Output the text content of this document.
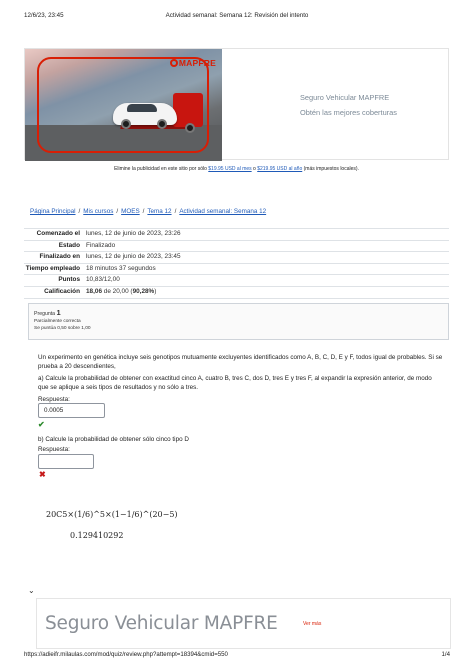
12/6/23, 23:45	Actividad semanal: Semana 12: Revisión del intento
MAPFRE
Seguro Vehicular MAPFRE
Obtén las mejores coberturas
Elimine la publicidad en este sitio por sólo $19.95 USD al mes o $219.95 USD al año (más impuestos locales).
Página Principal / Mis cursos / MOES / Tema 12 / Actividad semanal: Semana 12
Comenzado el lunes, 12 de junio de 2023, 23:26
Estado Finalizado
Finalizado en lunes, 12 de junio de 2023, 23:45
Tiempo empleado 18 minutos 37 segundos
Puntos 10,83/12,00
Calificación 18,06 de 20,00 (90,28%)
Pregunta 1
Parcialmente correcta
Se puntúa 0,50 sobre 1,00
Un experimento en genética incluye seis genotipos mutuamente excluyentes identificados como A, B, C, D, E y F, todos igual de probables. Si se prueba a 20 descendientes,
a) Calcule la probabilidad de obtener con exactitud cinco A, cuatro B, tres C, dos D, tres E y tres F, al expandir la expresión anterior, de modo que se aplique a seis tipos de resultados y no sólo a tres.
Respuesta:
0.0005
✔
b) Calcule la probabilidad de obtener sólo cinco tipo D
Respuesta:
✖
20C5×(1/6)^5×(1−1/6)^(20−5)
0.129410292
⌄
Seguro Vehicular MAPFRE	Ver más
https://adieifr.milaulas.com/mod/quiz/review.php?attempt=18394&cmid=550	1/4
